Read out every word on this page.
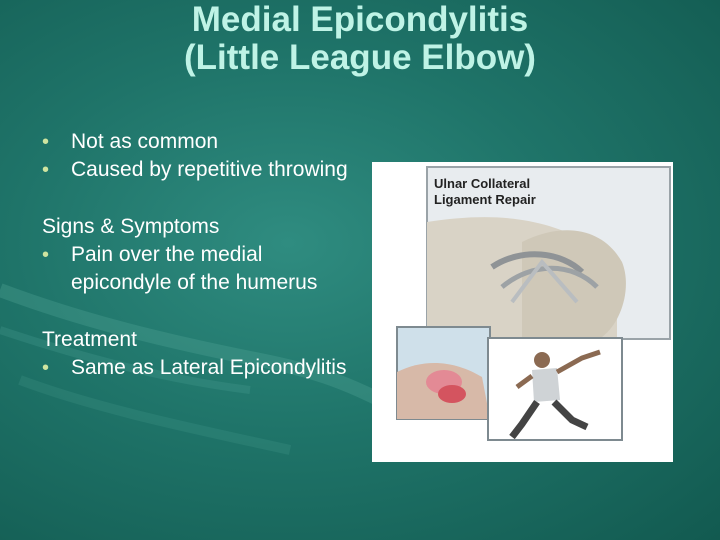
Medial Epicondylitis
(Little League Elbow)
• Not as common
• Caused by repetitive throwing
Signs & Symptoms
• Pain over the medial epicondyle of the humerus
Treatment
• Same as Lateral Epicondylitis
Ulnar Collateral
Ligament Repair
